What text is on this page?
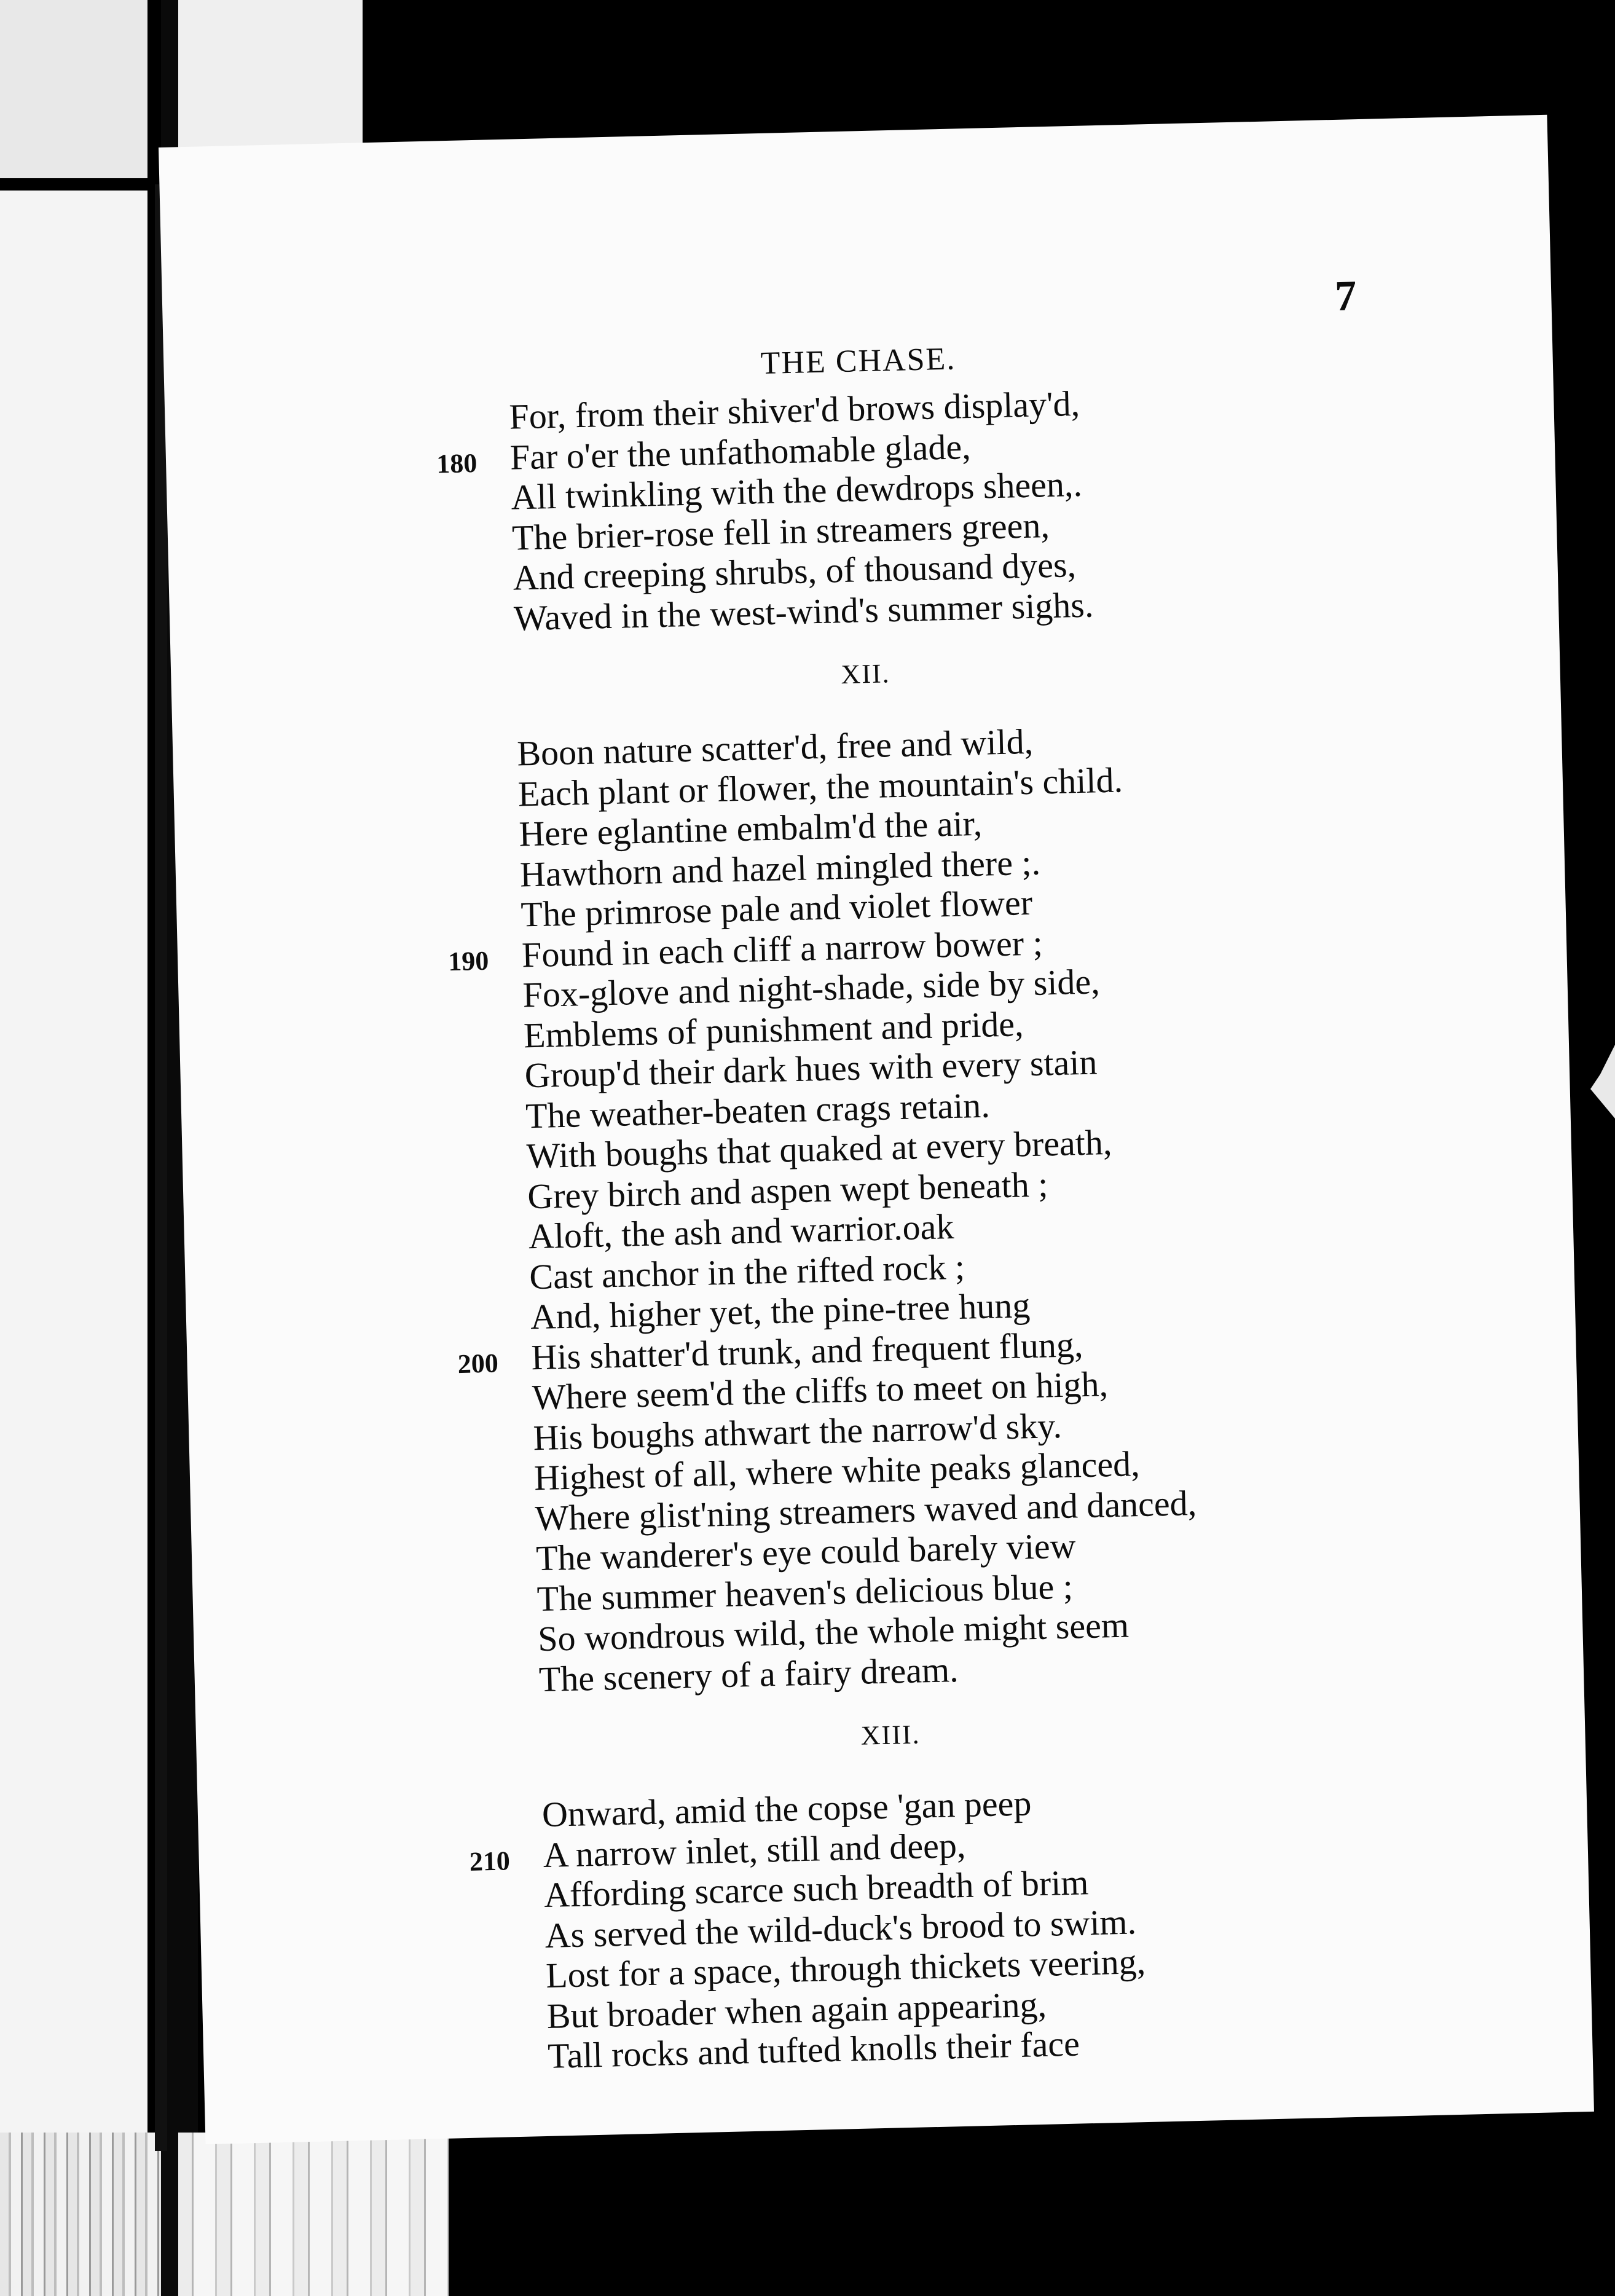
THE CHASE.
7
For, from their shiver'd brows display'd,
Far o'er the unfathomable glade,
180
All twinkling with the dewdrops sheen,.
The brier-rose fell in streamers green,
And creeping shrubs, of thousand dyes,
Waved in the west-wind's summer sighs.
XII.
Boon nature scatter'd, free and wild,
Each plant or flower, the mountain's child.
Here eglantine embalm'd the air,
Hawthorn and hazel mingled there ;.
The primrose pale and violet flower
Found in each cliff a narrow bower ;
190
Fox-glove and night-shade, side by side,
Emblems of punishment and pride,
Group'd their dark hues with every stain
The weather-beaten crags retain.
With boughs that quaked at every breath,
Grey birch and aspen wept beneath ;
Aloft, the ash and warrior.oak
Cast anchor in the rifted rock ;
And, higher yet, the pine-tree hung
His shatter'd trunk, and frequent flung,
200
Where seem'd the cliffs to meet on high,
His boughs athwart the narrow'd sky.
Highest of all, where white peaks glanced,
Where glist'ning streamers waved and danced,
The wanderer's eye could barely view
The summer heaven's delicious blue ;
So wondrous wild, the whole might seem
The scenery of a fairy dream.
XIII.
Onward, amid the copse 'gan peep
A narrow inlet, still and deep,
210
Affording scarce such breadth of brim
As served the wild-duck's brood to swim.
Lost for a space, through thickets veering,
But broader when again appearing,
Tall rocks and tufted knolls their face
